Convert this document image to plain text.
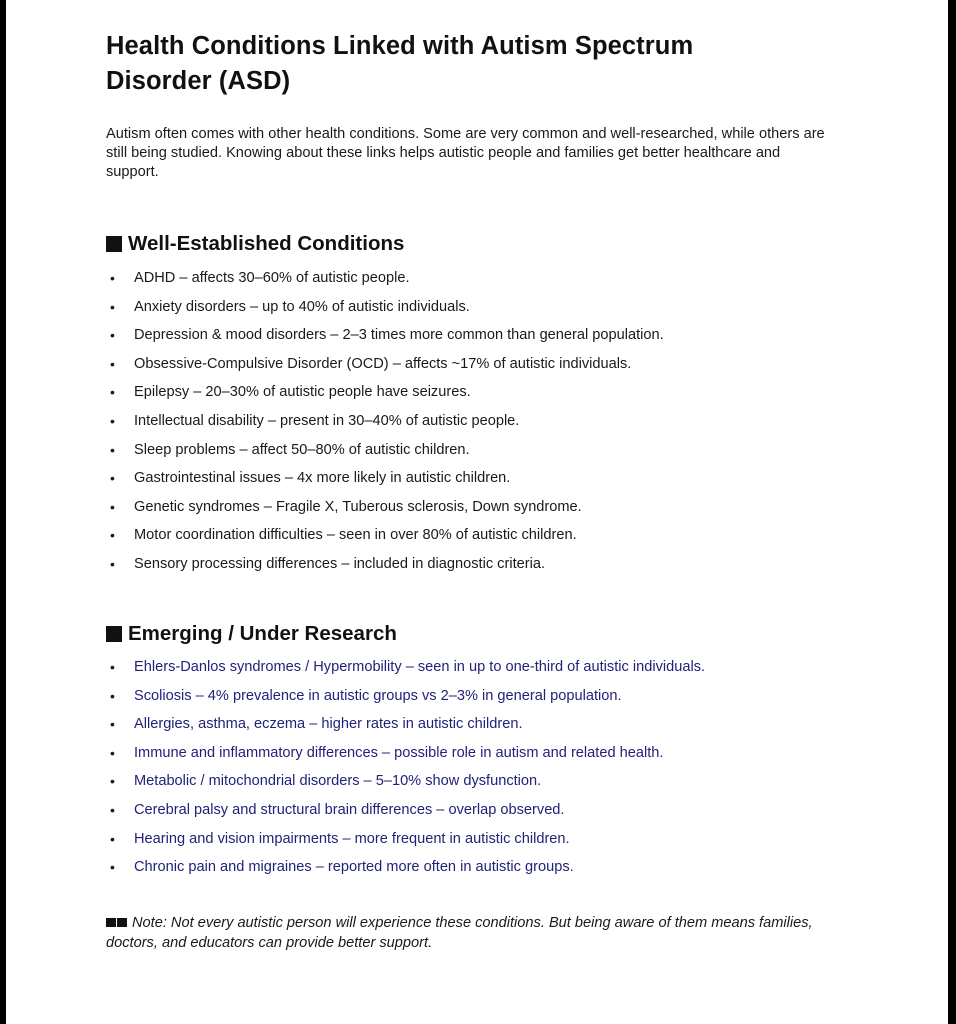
Health Conditions Linked with Autism Spectrum Disorder (ASD)

Autism often comes with other health conditions. Some are very common and well-researched, while others are still being studied. Knowing about these links helps autistic people and families get better healthcare and support.

Well-Established Conditions
• ADHD – affects 30–60% of autistic people.
• Anxiety disorders – up to 40% of autistic individuals.
• Depression & mood disorders – 2–3 times more common than general population.
• Obsessive-Compulsive Disorder (OCD) – affects ~17% of autistic individuals.
• Epilepsy – 20–30% of autistic people have seizures.
• Intellectual disability – present in 30–40% of autistic people.
• Sleep problems – affect 50–80% of autistic children.
• Gastrointestinal issues – 4x more likely in autistic children.
• Genetic syndromes – Fragile X, Tuberous sclerosis, Down syndrome.
• Motor coordination difficulties – seen in over 80% of autistic children.
• Sensory processing differences – included in diagnostic criteria.
Emerging / Under Research
• Ehlers-Danlos syndromes / Hypermobility – seen in up to one-third of autistic individuals.
• Scoliosis – 4% prevalence in autistic groups vs 2–3% in general population.
• Allergies, asthma, eczema – higher rates in autistic children.
• Immune and inflammatory differences – possible role in autism and related health.
• Metabolic / mitochondrial disorders – 5–10% show dysfunction.
• Cerebral palsy and structural brain differences – overlap observed.
• Hearing and vision impairments – more frequent in autistic children.
• Chronic pain and migraines – reported more often in autistic groups.

Note: Not every autistic person will experience these conditions. But being aware of them means families, doctors, and educators can provide better support.
